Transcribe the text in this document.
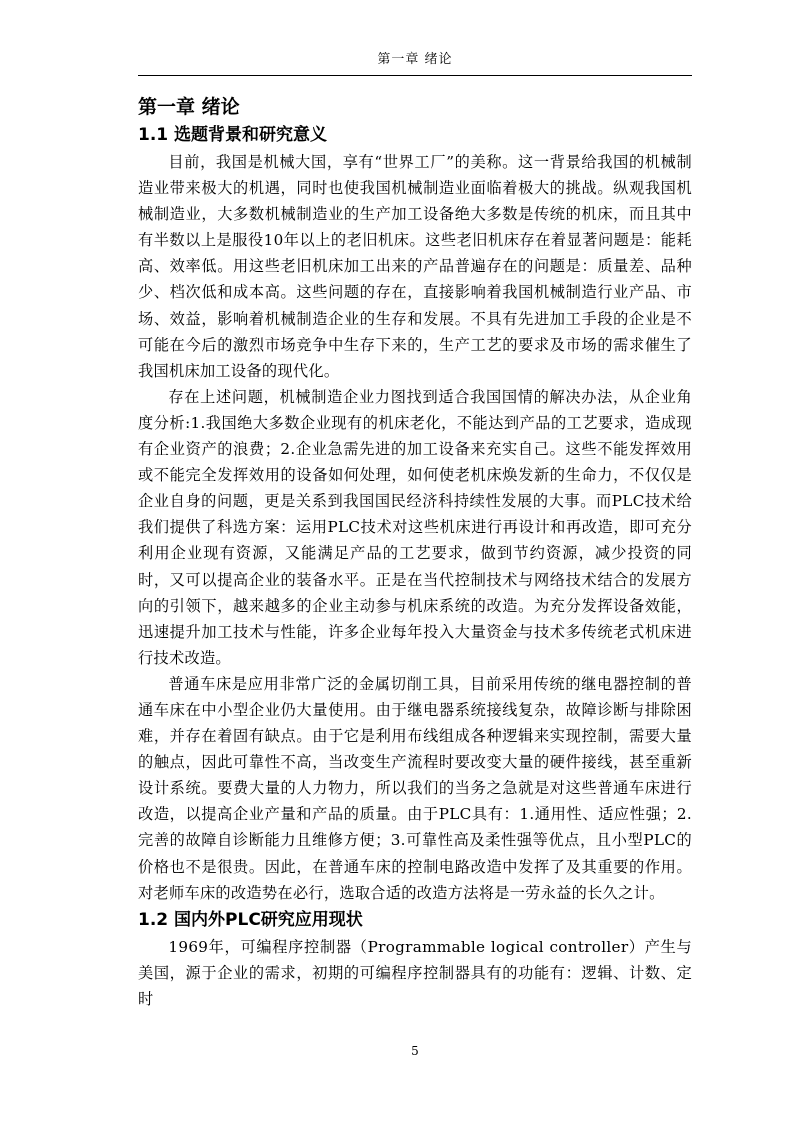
第一章 绪论
第一章 绪论
1.1 选题背景和研究意义

目前，我国是机械大国，享有“世界工厂”的美称。这一背景给我国的机械制造业带来极大的机遇，同时也使我国机械制造业面临着极大的挑战。纵观我国机械制造业，大多数机械制造业的生产加工设备绝大多数是传统的机床，而且其中有半数以上是服役10年以上的老旧机床。这些老旧机床存在着显著问题是：能耗高、效率低。用这些老旧机床加工出来的产品普遍存在的问题是：质量差、品种少、档次低和成本高。这些问题的存在，直接影响着我国机械制造行业产品、市场、效益，影响着机械制造企业的生存和发展。不具有先进加工手段的企业是不可能在今后的激烈市场竞争中生存下来的，生产工艺的要求及市场的需求催生了我国机床加工设备的现代化。

存在上述问题，机械制造企业力图找到适合我国国情的解决办法，从企业角度分析:1.我国绝大多数企业现有的机床老化，不能达到产品的工艺要求，造成现有企业资产的浪费；2.企业急需先进的加工设备来充实自己。这些不能发挥效用或不能完全发挥效用的设备如何处理，如何使老机床焕发新的生命力，不仅仅是企业自身的问题，更是关系到我国国民经济科持续性发展的大事。而PLC技术给我们提供了科选方案：运用PLC技术对这些机床进行再设计和再改造，即可充分利用企业现有资源，又能满足产品的工艺要求，做到节约资源，减少投资的同时，又可以提高企业的装备水平。正是在当代控制技术与网络技术结合的发展方向的引领下，越来越多的企业主动参与机床系统的改造。为充分发挥设备效能，迅速提升加工技术与性能，许多企业每年投入大量资金与技术多传统老式机床进行技术改造。

普通车床是应用非常广泛的金属切削工具，目前采用传统的继电器控制的普通车床在中小型企业仍大量使用。由于继电器系统接线复杂，故障诊断与排除困难，并存在着固有缺点。由于它是利用布线组成各种逻辑来实现控制，需要大量的触点，因此可靠性不高，当改变生产流程时要改变大量的硬件接线，甚至重新设计系统。要费大量的人力物力，所以我们的当务之急就是对这些普通车床进行改造，以提高企业产量和产品的质量。由于PLC具有：1.通用性、适应性强；2.完善的故障自诊断能力且维修方便；3.可靠性高及柔性强等优点，且小型PLC的价格也不是很贵。因此，在普通车床的控制电路改造中发挥了及其重要的作用。对老师车床的改造势在必行，选取合适的改造方法将是一劳永益的长久之计。

1.2 国内外PLC研究应用现状

1969年，可编程序控制器（Programmable logical controller）产生与美国，源于企业的需求，初期的可编程序控制器具有的功能有：逻辑、计数、定时

5
